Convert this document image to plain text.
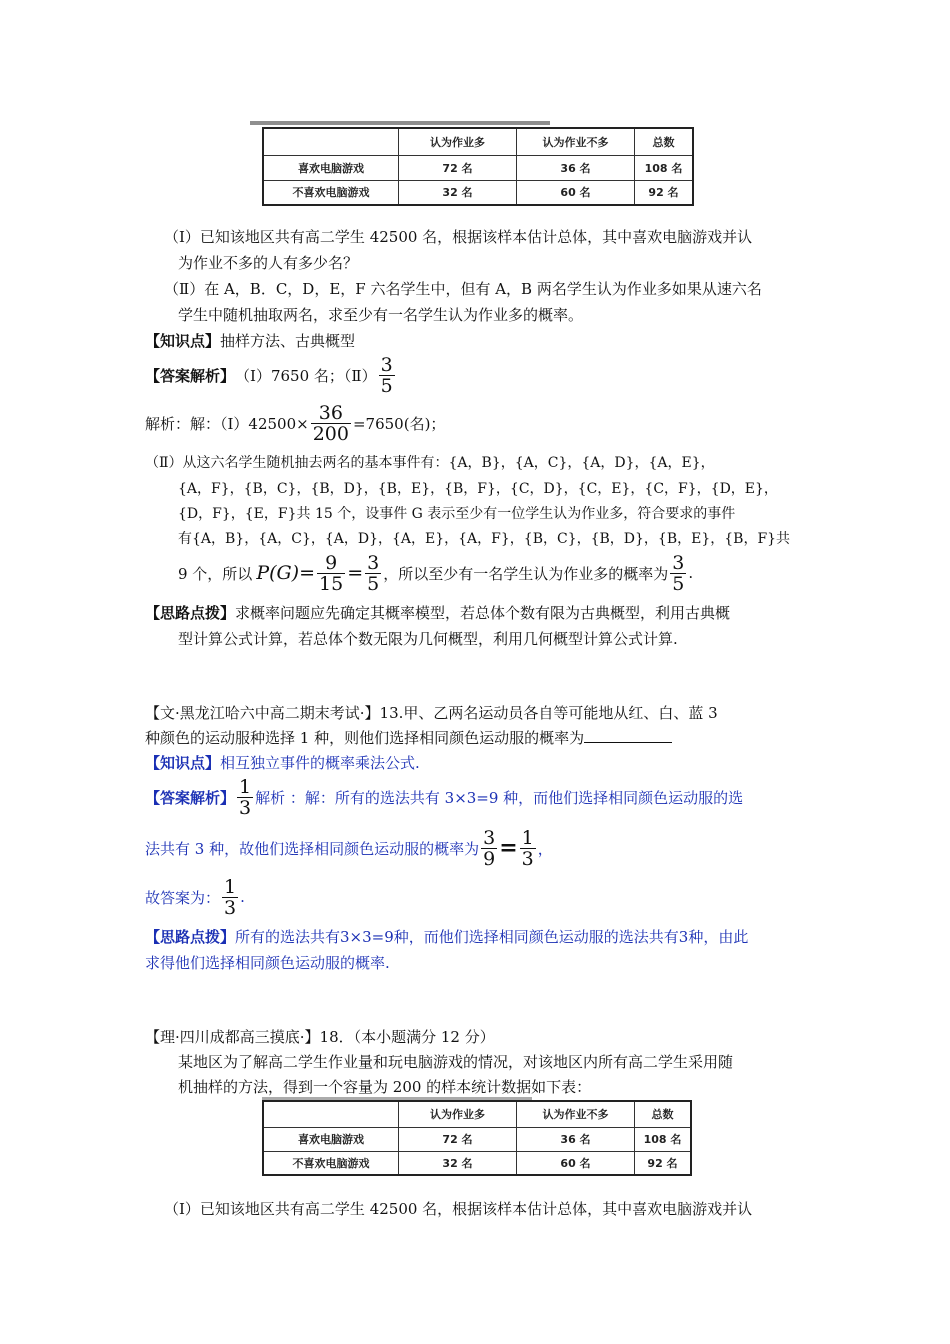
	认为作业多	认为作业不多	总数
喜欢电脑游戏	72 名	36 名	108 名
不喜欢电脑游戏	32 名	60 名	92 名
（I）已知该地区共有高二学生 42500 名，根据该样本估计总体，其中喜欢电脑游戏并认
为作业不多的人有多少名？
（Ⅱ）在 A，B．C，D，E，F 六名学生中，但有 A，B 两名学生认为作业多如果从速六名
学生中随机抽取两名，求至少有一名学生认为作业多的概率。
【知识点】抽样方法、古典概型
【答案解析】 （I）7650 名；（Ⅱ） $\frac{3}{5}$
解析：解：$(I)42500\times \frac{36}{200} =7650$(名)；
（Ⅱ）从这六名学生随机抽去两名的基本事件有：{A，B}，{A，C}，{A，D}，{A，E}，
{A，F}，{B，C}，{B，D}，{B，E}，{B，F}，{C，D}，{C，E}，{C，F}，{D，E}，
{D，F}，{E，F}共 15 个，设事件 G 表示至少有一位学生认为作业多，符合要求的事件
有{A，B}，{A，C}，{A，D}，{A，E}，{A，F}，{B，C}，{B，D}，{B，E}，{B，F}共
9 个，所以 $P(G) = \frac{9}{15} = \frac{3}{5}$ ，所以至少有一名学生认为作业多的概率为 $\frac{3}{5}$ .
【思路点拨】求概率问题应先确定其概率模型，若总体个数有限为古典概型，利用古典概
型计算公式计算，若总体个数无限为几何概型，利用几何概型计算公式计算.
【文·黑龙江哈六中高二期末考试·】13.甲、乙两名运动员各自等可能地从红、白、蓝 3
种颜色的运动服种选择 1 种，则他们选择相同颜色运动服的概率为
【知识点】相互独立事件的概率乘法公式.
【答案解析】 $\frac{1}{3}$ 解析 ：解：所有的选法共有 3×3=9 种，而他们选择相同颜色运动服的选
法共有 3 种，故他们选择相同颜色运动服的概率为 $\frac{3}{9} = \frac{1}{3}$ ，
故答案为： $\frac{1}{3}$ .
【思路点拨】所有的选法共有3×3=9种，而他们选择相同颜色运动服的选法共有3种，由此
求得他们选择相同颜色运动服的概率.
【理·四川成都高三摸底·】18．（本小题满分 12 分）
某地区为了解高二学生作业量和玩电脑游戏的情况，对该地区内所有高二学生采用随
机抽样的方法，得到一个容量为 200 的样本统计数据如下表：
	认为作业多	认为作业不多	总数
喜欢电脑游戏	72 名	36 名	108 名
不喜欢电脑游戏	32 名	60 名	92 名
（I）已知该地区共有高二学生 42500 名，根据该样本估计总体，其中喜欢电脑游戏并认
